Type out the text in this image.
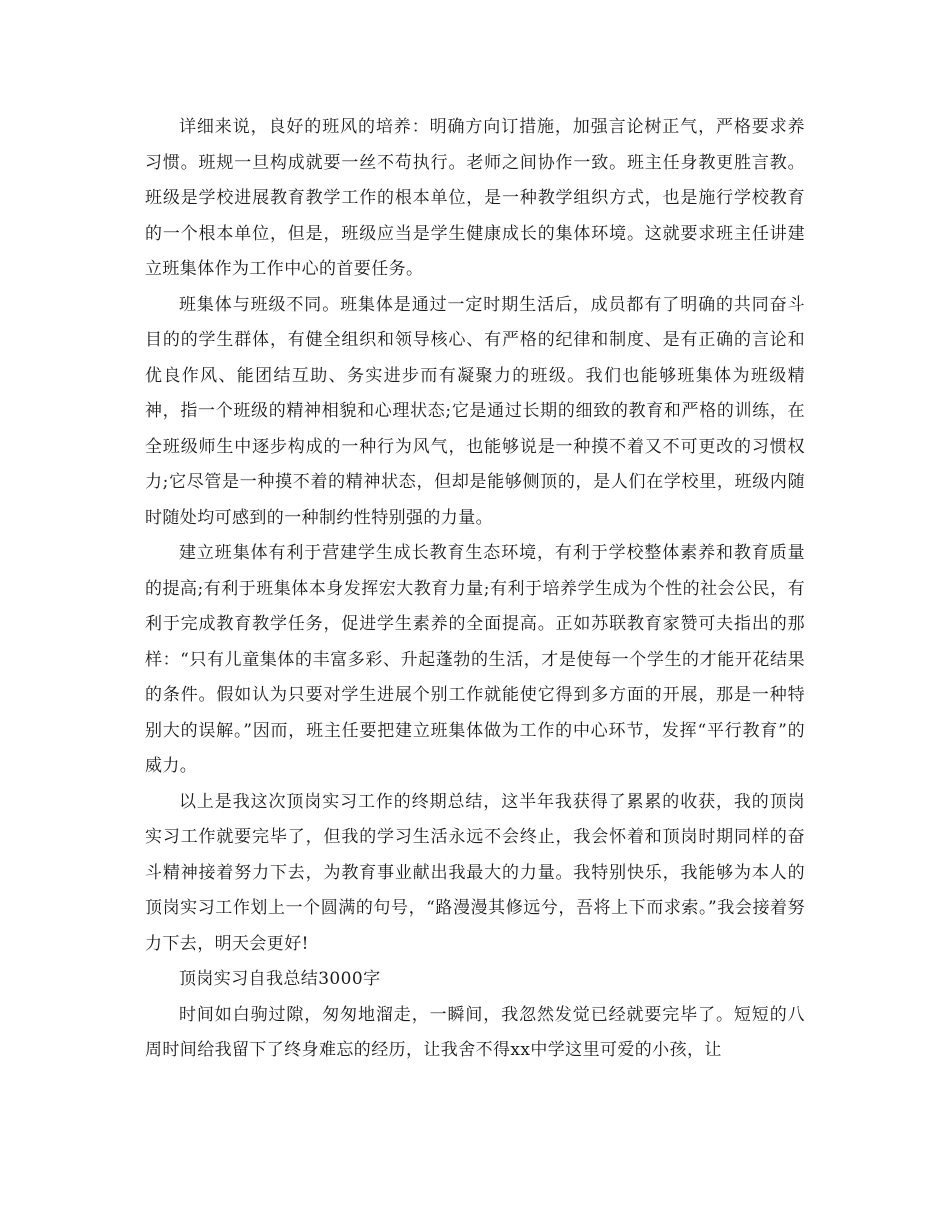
详细来说，良好的班风的培养：明确方向订措施，加强言论树正气，严格要求养习惯。班规一旦构成就要一丝不苟执行。老师之间协作一致。班主任身教更胜言教。班级是学校进展教育教学工作的根本单位，是一种教学组织方式，也是施行学校教育的一个根本单位，但是，班级应当是学生健康成长的集体环境。这就要求班主任讲建立班集体作为工作中心的首要任务。

班集体与班级不同。班集体是通过一定时期生活后，成员都有了明确的共同奋斗目的的学生群体，有健全组织和领导核心、有严格的纪律和制度、是有正确的言论和优良作风、能团结互助、务实进步而有凝聚力的班级。我们也能够班集体为班级精神，指一个班级的精神相貌和心理状态;它是通过长期的细致的教育和严格的训练，在全班级师生中逐步构成的一种行为风气，也能够说是一种摸不着又不可更改的习惯权力;它尽管是一种摸不着的精神状态，但却是能够侧顶的，是人们在学校里，班级内随时随处均可感到的一种制约性特别强的力量。

建立班集体有利于营建学生成长教育生态环境，有利于学校整体素养和教育质量的提高;有利于班集体本身发挥宏大教育力量;有利于培养学生成为个性的社会公民，有利于完成教育教学任务，促进学生素养的全面提高。正如苏联教育家赞可夫指出的那样：“只有儿童集体的丰富多彩、升起蓬勃的生活，才是使每一个学生的才能开花结果的条件。假如认为只要对学生进展个别工作就能使它得到多方面的开展，那是一种特别大的误解。”因而，班主任要把建立班集体做为工作的中心环节，发挥“平行教育”的威力。

以上是我这次顶岗实习工作的终期总结，这半年我获得了累累的收获，我的顶岗实习工作就要完毕了，但我的学习生活永远不会终止，我会怀着和顶岗时期同样的奋斗精神接着努力下去，为教育事业献出我最大的力量。我特别快乐，我能够为本人的顶岗实习工作划上一个圆满的句号，“路漫漫其修远兮，吾将上下而求索。”我会接着努力下去，明天会更好!

顶岗实习自我总结3000字

时间如白驹过隙，匆匆地溜走，一瞬间，我忽然发觉已经就要完毕了。短短的八周时间给我留下了终身难忘的经历，让我舍不得xx中学这里可爱的小孩，让
